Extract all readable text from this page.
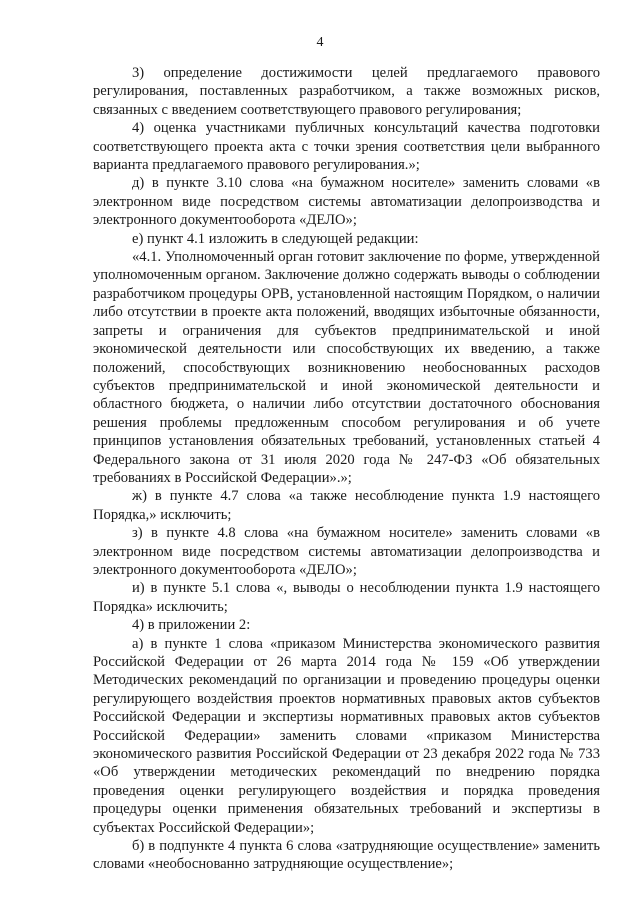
4

3) определение достижимости целей предлагаемого правового регулирования, поставленных разработчиком, а также возможных рисков, связанных с введением соответствующего правового регулирования;

4) оценка участниками публичных консультаций качества подготовки соответствующего проекта акта с точки зрения соответствия цели выбранного варианта предлагаемого правового регулирования.»;

д) в пункте 3.10 слова «на бумажном носителе» заменить словами «в электронном виде посредством системы автоматизации делопроизводства и электронного документооборота «ДЕЛО»;

е) пункт 4.1 изложить в следующей редакции:

«4.1. Уполномоченный орган готовит заключение по форме, утвержденной уполномоченным органом. Заключение должно содержать выводы о соблюдении разработчиком процедуры ОРВ, установленной настоящим Порядком, о наличии либо отсутствии в проекте акта положений, вводящих избыточные обязанности, запреты и ограничения для субъектов предпринимательской и иной экономической деятельности или способствующих их введению, а также положений, способствующих возникновению необоснованных расходов субъектов предпринимательской и иной экономической деятельности и областного бюджета, о наличии либо отсутствии достаточного обоснования решения проблемы предложенным способом регулирования и об учете принципов установления обязательных требований, установленных статьей 4 Федерального закона от 31 июля 2020 года № 247-ФЗ «Об обязательных требованиях в Российской Федерации».»;

ж) в пункте 4.7 слова «а также несоблюдение пункта 1.9 настоящего Порядка,» исключить;

з) в пункте 4.8 слова «на бумажном носителе» заменить словами «в электронном виде посредством системы автоматизации делопроизводства и электронного документооборота «ДЕЛО»;

и) в пункте 5.1 слова «, выводы о несоблюдении пункта 1.9 настоящего Порядка» исключить;

4) в приложении 2:

а) в пункте 1 слова «приказом Министерства экономического развития Российской Федерации от 26 марта 2014 года № 159 «Об утверждении Методических рекомендаций по организации и проведению процедуры оценки регулирующего воздействия проектов нормативных правовых актов субъектов Российской Федерации и экспертизы нормативных правовых актов субъектов Российской Федерации» заменить словами «приказом Министерства экономического развития Российской Федерации от 23 декабря 2022 года № 733 «Об утверждении методических рекомендаций по внедрению порядка проведения оценки регулирующего воздействия и порядка проведения процедуры оценки применения обязательных требований и экспертизы в субъектах Российской Федерации»;

б) в подпункте 4 пункта 6 слова «затрудняющие осуществление» заменить словами «необоснованно затрудняющие осуществление»;
